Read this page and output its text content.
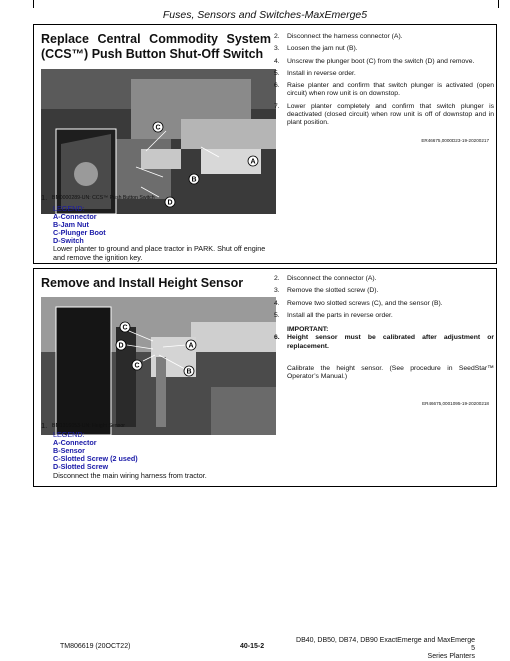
Fuses, Sensors and Switches-MaxEmerge5
Replace Central Commodity System (CCS™) Push Button Shut-Off Switch
C
A
B
D
1. BM0000289-UN: CCS™ Push Button Switch
LEGEND:
A-Connector
B-Jam Nut
C-Plunger Boot
D-Switch
Lower planter to ground and place tractor in PARK. Shut off engine and remove the ignition key.
2. Disconnect the harness connector (A).
3. Loosen the jam nut (B).
4. Unscrew the plunger boot (C) from the switch (D) and remove.
5. Install in reverse order.
6. Raise planter and confirm that switch plunger is activated (open circuit) when row unit is on downstop.
7. Lower planter completely and confirm that switch plunger is deactivated (closed circuit) when row unit is off of downstop and in plant position.
ER46675,0000D23-19-20200217
Remove and Install Height Sensor
C
D	A
C
B
1. BM1316053-UN: Height Sensor
LEGEND:
A-Connector
B-Sensor
C-Slotted Screw (2 used)
D-Slotted Screw
Disconnect the main wiring harness from tractor.
2. Disconnect the connector (A).
3. Remove the slotted screw (D).
4. Remove two slotted screws (C), and the sensor (B).
5. Install all the parts in reverse order.
IMPORTANT:
6. Height sensor must be calibrated after adjustment or replacement.
Calibrate the height sensor. (See procedure in SeedStar™ Operator’s Manual.)
ER46675,0001095-19-20200218
TM806619 (20OCT22)	40-15-2
DB40, DB50, DB74, DB90 ExactEmerge and MaxEmerge 5
Series Planters
